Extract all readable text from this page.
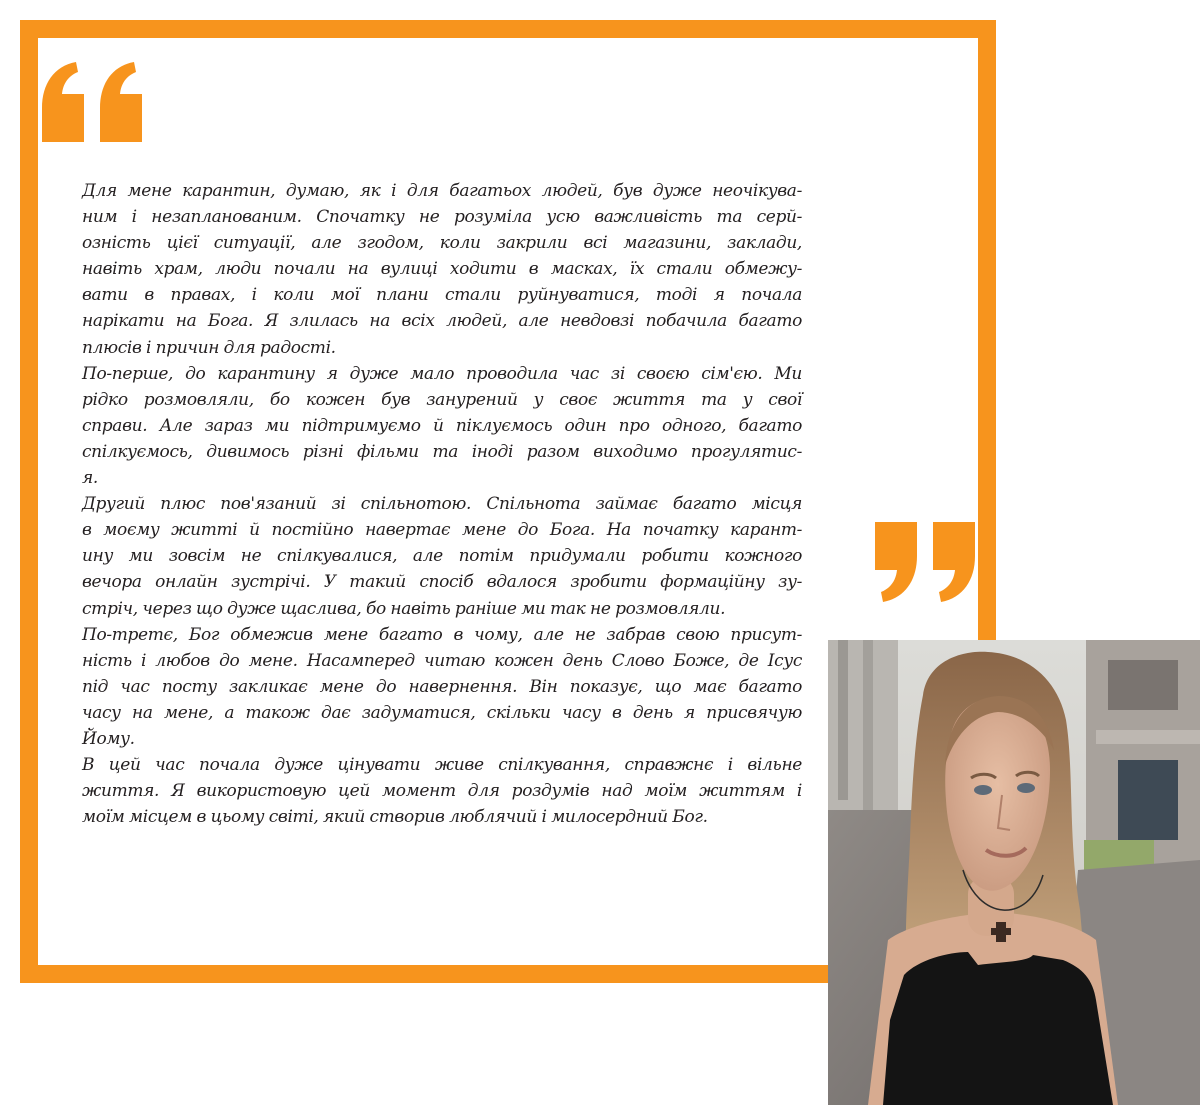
Для мене карантин, думаю, як і для багатьох людей, був дуже неочікува-
ним і незапланованим. Спочатку не розуміла усю важливість та серй-
озність цієї ситуації, але згодом, коли закрили всі магазини, заклади,
навіть храм, люди почали на вулиці ходити в масках, їх стали обмежу-
вати в правах, і коли мої плани стали руйнуватися, тоді я почала
нарікати на Бога. Я злилась на всіх людей, але невдовзі побачила багато
плюсів і причин для радості.
По-перше, до карантину я дуже мало проводила час зі своєю сім'єю. Ми
рідко розмовляли, бо кожен був занурений у своє життя та у свої
справи. Але зараз ми підтримуємо й піклуємось один про одного, багато
спілкуємось, дивимось різні фільми та іноді разом виходимо прогулятис-
я.
Другий плюс пов'язаний зі спільнотою. Спільнота займає багато місця
в моєму житті й постійно навертає мене до Бога. На початку карант-
ину ми зовсім не спілкувалися, але потім придумали робити кожного
вечора онлайн зустрічі. У такий спосіб вдалося зробити формаційну зу-
стріч, через що дуже щаслива, бо навіть раніше ми так не розмовляли.
По-третє, Бог обмежив мене багато в чому, але не забрав свою присут-
ність і любов до мене. Насамперед читаю кожен день Слово Боже, де Ісус
під час посту закликає мене до навернення. Він показує, що має багато
часу на мене, а також дає задуматися, скільки часу в день я присвячую
Йому.
В цей час почала дуже цінувати живе спілкування, справжнє і вільне
життя. Я використовую цей момент для роздумів над моїм життям і
моїм місцем в цьому світі, який створив люблячий і милосердний Бог.
